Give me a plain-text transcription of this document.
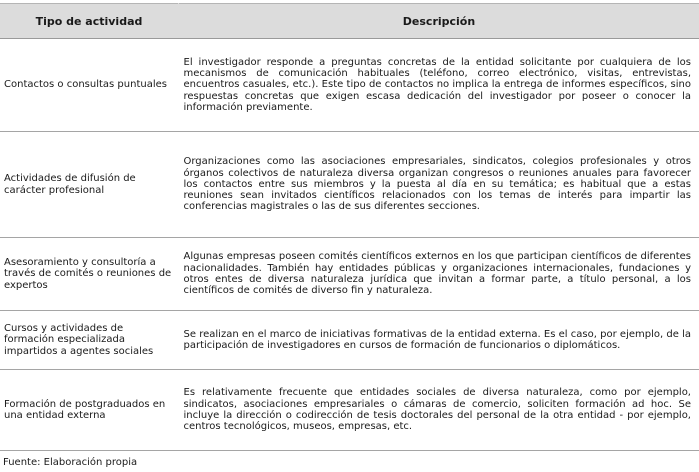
Tipo de actividad	Descripción
Contactos o consultas puntuales	El investigador responde a preguntas concretas de la entidad solicitante por cualquiera de los mecanismos de comunicación habituales (teléfono, correo electrónico, visitas, entrevistas, encuentros casuales, etc.). Este tipo de contactos no implica la entrega de informes específicos, sino respuestas concretas que exigen escasa dedicación del investigador por poseer o conocer la información previamente.
Actividades de difusión de carácter profesional	Organizaciones como las asociaciones empresariales, sindicatos, colegios profesionales y otros órganos colectivos de naturaleza diversa organizan congresos o reuniones anuales para favorecer los contactos entre sus miembros y la puesta al día en su temática; es habitual que a estas reuniones sean invitados científicos relacionados con los temas de interés para impartir las conferencias magistrales o las de sus diferentes secciones.
Asesoramiento y consultoría a través de comités o reuniones de expertos	Algunas empresas poseen comités científicos externos en los que participan científicos de diferentes nacionalidades. También hay entidades públicas y organizaciones internacionales, fundaciones y otros entes de diversa naturaleza jurídica que invitan a formar parte, a título personal, a los científicos de comités de diverso fin y naturaleza.
Cursos y actividades de formación especializada impartidos a agentes sociales	Se realizan en el marco de iniciativas formativas de la entidad externa. Es el caso, por ejemplo, de la participación de investigadores en cursos de formación de funcionarios o diplomáticos.
Formación de postgraduados en una entidad externa	Es relativamente frecuente que entidades sociales de diversa naturaleza, como por ejemplo, sindicatos, asociaciones empresariales o cámaras de comercio, soliciten formación ad hoc. Se incluye la dirección o codirección de tesis doctorales del personal de la otra entidad - por ejemplo, centros tecnológicos, museos, empresas, etc.
Fuente: Elaboración propia
